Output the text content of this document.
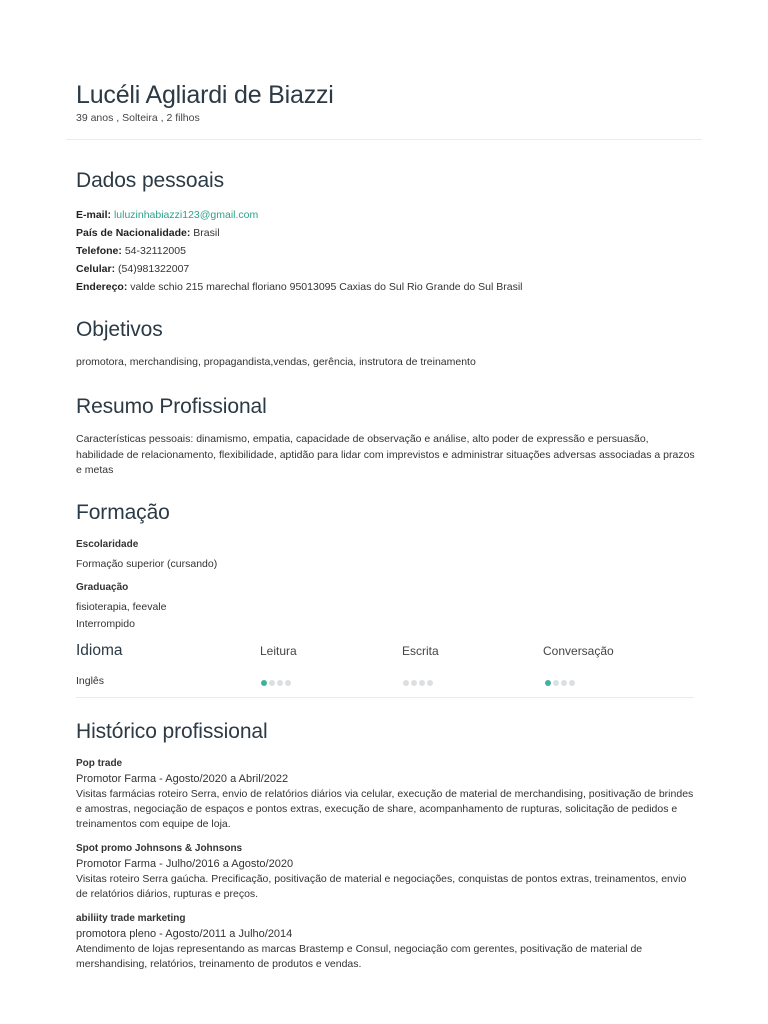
Lucéli Agliardi de Biazzi
39 anos , Solteira , 2 filhos
Dados pessoais
E-mail: luluzinhabiazzi123@gmail.com
País de Nacionalidade: Brasil
Telefone: 54-32112005
Celular: (54)981322007
Endereço: valde schio 215 marechal floriano 95013095 Caxias do Sul Rio Grande do Sul Brasil
Objetivos
promotora, merchandising, propagandista,vendas, gerência, instrutora de treinamento
Resumo Profissional
Características pessoais: dinamismo, empatia, capacidade de observação e análise, alto poder de expressão e persuasão, habilidade de relacionamento, flexibilidade, aptidão para lidar com imprevistos e administrar situações adversas associadas a prazos e metas
Formação
Escolaridade
Formação superior (cursando)
Graduação
fisioterapia, feevale
Interrompido
Idioma	Leitura	Escrita	Conversação
Inglês
Histórico profissional
Pop trade
Promotor Farma - Agosto/2020 a Abril/2022
Visitas farmácias roteiro Serra, envio de relatórios diários via celular, execução de material de merchandising, positivação de brindes e amostras, negociação de espaços e pontos extras, execução de share, acompanhamento de rupturas, solicitação de pedidos e treinamentos com equipe de loja.
Spot promo Johnsons & Johnsons
Promotor Farma - Julho/2016 a Agosto/2020
Visitas roteiro Serra gaúcha. Precificação, positivação de material e negociações, conquistas de pontos extras, treinamentos, envio de relatórios diários, rupturas e preços.
abiliity trade marketing
promotora pleno - Agosto/2011 a Julho/2014
Atendimento de lojas representando as marcas Brastemp e Consul, negociação com gerentes, positivação de material de mershandising, relatórios, treinamento de produtos e vendas.
